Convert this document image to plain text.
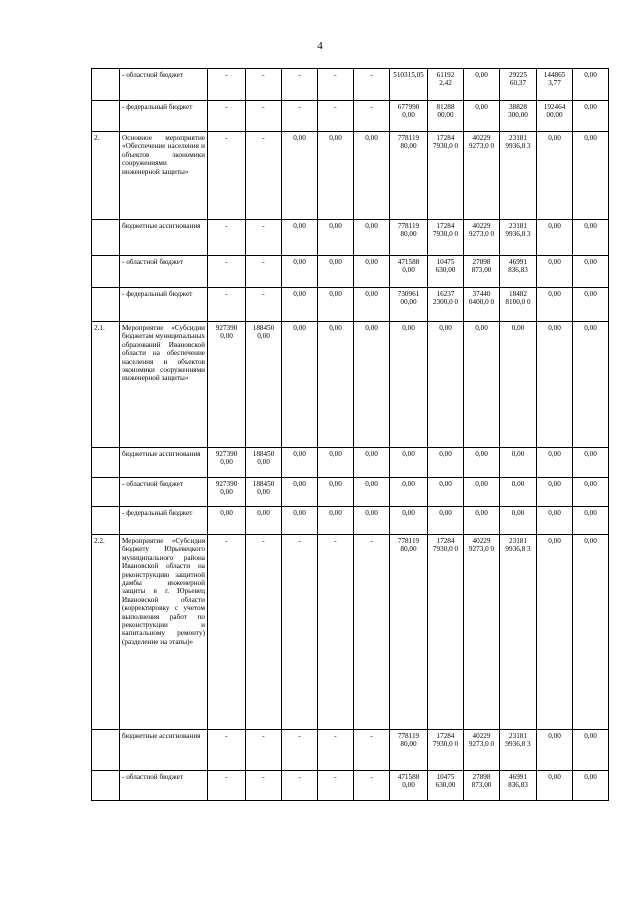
4
	- областной бюджет	-	-	-	-	-	510315,05	61192 2,42	0,00	29225 60,37	144865 3,77	0,00
	- федеральный бюджет	-	-	-	-	-	677990 0,00	81288 00,00	0,00	38828 300,00	192464 00,00	0,00
2.	Основное мероприятие «Обеспечение населения и объектов экономики сооружениями инженерной защиты»	-	-	0,00	0,00	0,00	778119 80,00	17284 7930,0 0	40229 9273,0 0	23181 9936,8 3	0,00	0,00
	бюджетные ассигнования	-	-	0,00	0,00	0,00	778119 80,00	17284 7930,0 0	40229 9273,0 0	23181 9936,8 3	0,00	0,00
	- областной бюджет	-	-	0,00	0,00	0,00	471588 0,00	10475 630,00	27898 873,00	46991 836,83	0,00	0,00
	- федеральный бюджет	-	-	0,00	0,00	0,00	730961 00,00	16237 2300,0 0	37440 0400,0 0	18482 8100,0 0	0,00	0,00
2.1.	Мероприятие «Субсидии бюджетам муниципальных образований Ивановской области на обеспечение населения и объектов экономики сооружениями инженерной защиты»	927390 0,00	188450 0,00	0,00	0,00	0,00	0,00	0,00	0,00	0,00	0,00	0,00
	бюджетные ассигнования	927390 0,00	188450 0,00	0,00	0,00	0,00	0,00	0,00	0,00	0,00	0,00	0,00
	- областной бюджет	927390 0,00	188450 0,00	0,00	0,00	0,00	0,00	0,00	0,00	0,00	0,00	0,00
	- федеральный бюджет	0,00	0,00	0,00	0,00	0,00	0,00	0,00	0,00	0,00	0,00	0,00
2.2.	Мероприятие «Субсидия бюджету Юрьевецкого муниципального района Ивановской области на реконструкцию защитной дамбы инженерной защиты в г. Юрьевец Ивановской области (корректировку с учетом выполнения работ по реконструкции и капитальному ремонту) (разделение на этапы)»	-	-	-	-	-	778119 80,00	17284 7930,0 0	40229 9273,0 0	23181 9936,8 3	0,00	0,00
	бюджетные ассигнования	-	-	-	-	-	778119 80,00	17284 7930,0 0	40229 9273,0 0	23181 9936,8 3	0,00	0,00
	- областной бюджет	-	-	-	-	-	471588 0,00	10475 630,00	27898 873,00	46991 836,83	0,00	0,00
